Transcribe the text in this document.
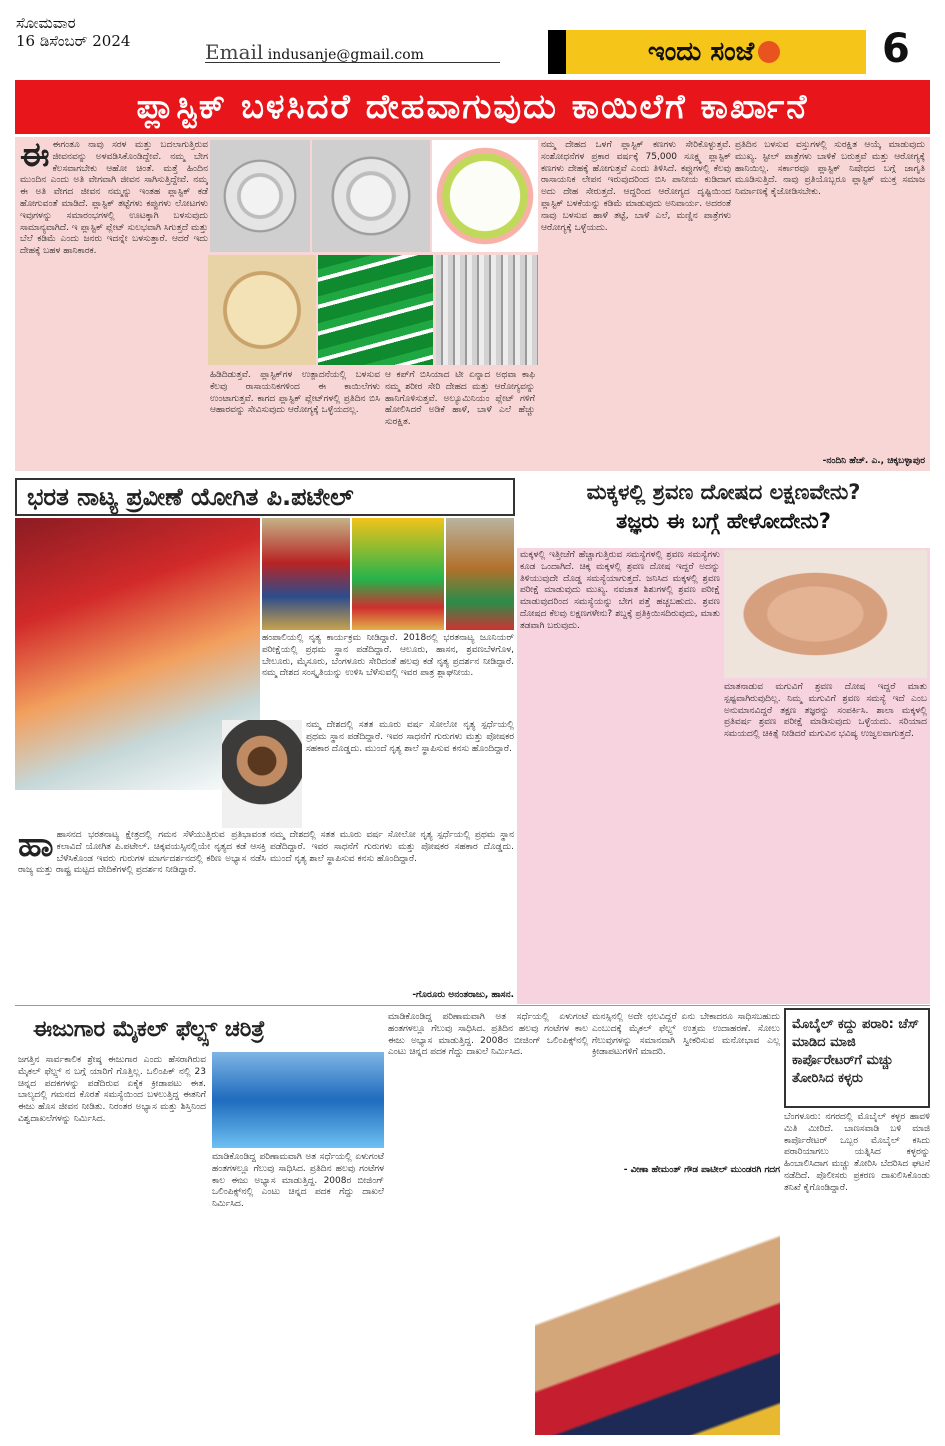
ಸೋಮವಾರ
16 ಡಿಸೆಂಬರ್ 2024	Email indusanje@gmail.com	ಇಂದು ಸಂಜೆ	6
ಪ್ಲಾಸ್ಟಿಕ್ ಬಳಸಿದರೆ ದೇಹವಾಗುವುದು ಕಾಯಿಲೆಗೆ ಕಾರ್ಖಾನೆ
ಈಈಗಂತೂ ನಾವು ಸರಳ ಮತ್ತು ಬದಲಾಗುತ್ತಿರುವ ಜೀವನವನ್ನು ಅಳವಡಿಸಿಕೊಂಡಿದ್ದೇವೆ. ನಮ್ಮ ಬೇಗ ಕೆಲಸವಾಗಬೇಕು ಆಹೋ ಚಿಂತೆ. ಮತ್ತೆ ಹಿಂದಿನ ಮುಂದಿನ ಎಂದು ಅತಿ ವೇಗವಾಗಿ ಜೀವನ ಸಾಗಿಸುತ್ತಿದ್ದೇವೆ. ನಮ್ಮ ಈ ಅತಿ ವೇಗದ ಜೀವನ ನಮ್ಮನ್ನು ಇಂತಹ ಪ್ಲಾಸ್ಟಿಕ್ ಕಡೆ ಹೋಗುವಂತೆ ಮಾಡಿದೆ. ಪ್ಲಾಸ್ಟಿಕ್ ತಟ್ಟೆಗಳು ಕಪ್ಪುಗಳು ಲೋಟಗಳು ಇವುಗಳನ್ನು ಸಮಾರಂಭಗಳಲ್ಲಿ ಊಟಕ್ಕಾಗಿ ಬಳಸುವುದು ಸಾಮಾನ್ಯವಾಗಿದೆ. ಇ ಪ್ಲಾಸ್ಟಿಕ್ ಪ್ಲೇಟ್ ಸುಲಭವಾಗಿ ಸಿಗುತ್ತದೆ ಮತ್ತು ಬೆಲೆ ಕಡಿಮೆ ಎಂದು ಜನರು ಇದನ್ನೇ ಬಳಸುತ್ತಾರೆ. ಆದರೆ ಇದು ದೇಹಕ್ಕೆ ಬಹಳ ಹಾನಿಕಾರಕ.
ಹಿಡಿದಿಡುತ್ತವೆ. ಪ್ಲಾಸ್ಟಿಕ್‌ಗಳ ಉತ್ಪಾದನೆಯಲ್ಲಿ ಬಳಸುವ ಕೆಲವು ರಾಸಾಯನಿಕಗಳಿಂದ ಈ ಕಾಯಿಲೆಗಳು ಉಂಟಾಗುತ್ತವೆ. ಕಾಗದ ಪ್ಲಾಸ್ಟಿಕ್ ಪ್ಲೇಟ್‌ಗಳಲ್ಲಿ ಪ್ರತಿದಿನ ಬಿಸಿ ಆಹಾರವನ್ನು ಸೇವಿಸುವುದು ಆರೋಗ್ಯಕ್ಕೆ ಒಳ್ಳೆಯದಲ್ಲ.
ಆ ಕಪ್‌ಗೆ ಬಿಸಿಯಾದ ಟೀ ಏನ್ನಾದ ಅಥವಾ ಕಾಫಿ ನಮ್ಮ ಶರೀರ ಸೇರಿ ದೇಹದ ಮತ್ತು ಆರೋಗ್ಯವನ್ನು ಹಾನಿಗೊಳಿಸುತ್ತವೆ. ಅಲ್ಯೂಮಿನಿಯಂ ಪ್ಲೇಟ್ ಗಳಿಗೆ ಹೋಲಿಸಿದರೆ ಅಡಿಕೆ ಹಾಳೆ, ಬಾಳೆ ಎಲೆ ಹೆಚ್ಚು ಸುರಕ್ಷಿತ.
ನಮ್ಮ ದೇಹದ ಒಳಗೆ ಪ್ಲಾಸ್ಟಿಕ್ ಕಣಗಳು ಸೇರಿಕೊಳ್ಳುತ್ತವೆ. ಸಂಶೋಧನೆಗಳ ಪ್ರಕಾರ ವರ್ಷಕ್ಕೆ 75,000 ಸೂಕ್ಷ್ಮ ಪ್ಲಾಸ್ಟಿಕ್ ಕಣಗಳು ದೇಹಕ್ಕೆ ಹೋಗುತ್ತವೆ ಎಂದು ತಿಳಿಸಿದೆ. ಕಪ್ಪುಗಳಲ್ಲಿ ಕೆಲವು ರಾಸಾಯನಿಕ ಲೇಪನ ಇರುವುದರಿಂದ ಬಿಸಿ ಪಾನೀಯ ಕುಡಿದಾಗ ಅದು ದೇಹ ಸೇರುತ್ತದೆ. ಆದ್ದರಿಂದ ಆರೋಗ್ಯದ ದೃಷ್ಟಿಯಿಂದ ಪ್ಲಾಸ್ಟಿಕ್ ಬಳಕೆಯನ್ನು ಕಡಿಮೆ ಮಾಡುವುದು ಅನಿವಾರ್ಯ. ಅದರಂತೆ ನಾವು ಬಳಸುವ ಹಾಳೆ ತಟ್ಟೆ, ಬಾಳೆ ಎಲೆ, ಮಣ್ಣಿನ ಪಾತ್ರೆಗಳು ಆರೋಗ್ಯಕ್ಕೆ ಒಳ್ಳೆಯದು.
ಪ್ರತಿದಿನ ಬಳಸುವ ವಸ್ತುಗಳಲ್ಲಿ ಸುರಕ್ಷಿತ ಆಯ್ಕೆ ಮಾಡುವುದು ಮುಖ್ಯ. ಸ್ಟೀಲ್ ಪಾತ್ರೆಗಳು ಬಾಳಿಕೆ ಬರುತ್ತವೆ ಮತ್ತು ಆರೋಗ್ಯಕ್ಕೆ ಹಾನಿಯಿಲ್ಲ. ಸರ್ಕಾರವೂ ಪ್ಲಾಸ್ಟಿಕ್ ನಿಷೇಧದ ಬಗ್ಗೆ ಜಾಗೃತಿ ಮೂಡಿಸುತ್ತಿದೆ. ನಾವು ಪ್ರತಿಯೊಬ್ಬರೂ ಪ್ಲಾಸ್ಟಿಕ್ ಮುಕ್ತ ಸಮಾಜ ನಿರ್ಮಾಣಕ್ಕೆ ಕೈಜೋಡಿಸಬೇಕು.
-ನಂದಿನಿ ಹೆಚ್. ಎ., ಚಿಕ್ಕಬಳ್ಳಾಪುರ
ಭರತ ನಾಟ್ಯ ಪ್ರವೀಣೆ ಯೋಗಿತ ಪಿ.ಪಟೇಲ್
ಹಂಪಾಲಿಯಲ್ಲಿ ನೃತ್ಯ ಕಾರ್ಯಕ್ರಮ ನೀಡಿದ್ದಾರೆ. 2018ರಲ್ಲಿ ಭರತನಾಟ್ಯ ಜೂನಿಯರ್ ಪರೀಕ್ಷೆಯಲ್ಲಿ ಪ್ರಥಮ ಸ್ಥಾನ ಪಡೆದಿದ್ದಾರೆ. ಆಲೂರು, ಹಾಸನ, ಶ್ರವಣಬೆಳಗೊಳ, ಬೇಲೂರು, ಮೈಸೂರು, ಬೆಂಗಳೂರು ಸೇರಿದಂತೆ ಹಲವು ಕಡೆ ನೃತ್ಯ ಪ್ರದರ್ಶನ ನೀಡಿದ್ದಾರೆ. ನಮ್ಮ ದೇಶದ ಸಂಸ್ಕೃತಿಯನ್ನು ಉಳಿಸಿ ಬೆಳೆಸುವಲ್ಲಿ ಇವರ ಪಾತ್ರ ಶ್ಲಾಘನೀಯ.
ನಮ್ಮ ದೇಶದಲ್ಲಿ ಸತತ ಮೂರು ವರ್ಷ ಸೋಲೋ ನೃತ್ಯ ಸ್ಪರ್ಧೆಯಲ್ಲಿ ಪ್ರಥಮ ಸ್ಥಾನ ಪಡೆದಿದ್ದಾರೆ. ಇವರ ಸಾಧನೆಗೆ ಗುರುಗಳು ಮತ್ತು ಪೋಷಕರ ಸಹಕಾರ ದೊಡ್ಡದು. ಮುಂದೆ ನೃತ್ಯ ಶಾಲೆ ಸ್ಥಾಪಿಸುವ ಕನಸು ಹೊಂದಿದ್ದಾರೆ.
ಹಾಹಾಸನದ ಭರತನಾಟ್ಯ ಕ್ಷೇತ್ರದಲ್ಲಿ ಗಮನ ಸೆಳೆಯುತ್ತಿರುವ ಪ್ರತಿಭಾವಂತ ಕಲಾವಿದೆ ಯೋಗಿತ ಪಿ.ಪಟೇಲ್. ಚಿಕ್ಕವಯಸ್ಸಿನಲ್ಲಿಯೇ ನೃತ್ಯದ ಕಡೆ ಆಸಕ್ತಿ ಬೆಳೆಸಿಕೊಂಡ ಇವರು ಗುರುಗಳ ಮಾರ್ಗದರ್ಶನದಲ್ಲಿ ಕಠಿಣ ಅಭ್ಯಾಸ ನಡೆಸಿ ರಾಜ್ಯ ಮತ್ತು ರಾಷ್ಟ್ರ ಮಟ್ಟದ ವೇದಿಕೆಗಳಲ್ಲಿ ಪ್ರದರ್ಶನ ನೀಡಿದ್ದಾರೆ.
ನಮ್ಮ ದೇಶದಲ್ಲಿ ಸತತ ಮೂರು ವರ್ಷ ಸೋಲೋ ನೃತ್ಯ ಸ್ಪರ್ಧೆಯಲ್ಲಿ ಪ್ರಥಮ ಸ್ಥಾನ ಪಡೆದಿದ್ದಾರೆ. ಇವರ ಸಾಧನೆಗೆ ಗುರುಗಳು ಮತ್ತು ಪೋಷಕರ ಸಹಕಾರ ದೊಡ್ಡದು. ಮುಂದೆ ನೃತ್ಯ ಶಾಲೆ ಸ್ಥಾಪಿಸುವ ಕನಸು ಹೊಂದಿದ್ದಾರೆ.
-ಗೊರೂರು ಅನಂತರಾಜು, ಹಾಸನ.
ಮಕ್ಕಳಲ್ಲಿ ಶ್ರವಣ ದೋಷದ ಲಕ್ಷಣವೇನು?
ತಜ್ಞರು ಈ ಬಗ್ಗೆ ಹೇಳೋದೇನು?
ಮಕ್ಕಳಲ್ಲಿ ಇತ್ತೀಚೆಗೆ ಹೆಚ್ಚಾಗುತ್ತಿರುವ ಸಮಸ್ಯೆಗಳಲ್ಲಿ ಶ್ರವಣ ಸಮಸ್ಯೆಗಳು ಕೂಡ ಒಂದಾಗಿದೆ. ಚಿಕ್ಕ ಮಕ್ಕಳಲ್ಲಿ ಶ್ರವಣ ದೋಷ ಇದ್ದರೆ ಅದನ್ನು ತಿಳಿಯುವುದೇ ದೊಡ್ಡ ಸಮಸ್ಯೆಯಾಗುತ್ತದೆ. ಜನಿಸಿದ ಮಕ್ಕಳಲ್ಲಿ ಶ್ರವಣ ಪರೀಕ್ಷೆ ಮಾಡುವುದು ಮುಖ್ಯ. ನವಜಾತ ಶಿಶುಗಳಲ್ಲಿ ಶ್ರವಣ ಪರೀಕ್ಷೆ ಮಾಡುವುದರಿಂದ ಸಮಸ್ಯೆಯನ್ನು ಬೇಗ ಪತ್ತೆ ಹಚ್ಚಬಹುದು. ಶ್ರವಣ ದೋಷದ ಕೆಲವು ಲಕ್ಷಣಗಳೇನು? ಶಬ್ದಕ್ಕೆ ಪ್ರತಿಕ್ರಿಯಿಸದಿರುವುದು, ಮಾತು ತಡವಾಗಿ ಬರುವುದು.
ಮಾತನಾಡುವ ಮಗುವಿಗೆ ಶ್ರವಣ ದೋಷ ಇದ್ದರೆ ಮಾತು ಸ್ಪಷ್ಟವಾಗಿರುವುದಿಲ್ಲ. ನಿಮ್ಮ ಮಗುವಿಗೆ ಶ್ರವಣ ಸಮಸ್ಯೆ ಇದೆ ಎಂಬ ಅನುಮಾನವಿದ್ದರೆ ತಕ್ಷಣ ತಜ್ಞರನ್ನು ಸಂಪರ್ಕಿಸಿ. ಶಾಲಾ ಮಕ್ಕಳಲ್ಲಿ ಪ್ರತಿವರ್ಷ ಶ್ರವಣ ಪರೀಕ್ಷೆ ಮಾಡಿಸುವುದು ಒಳ್ಳೆಯದು. ಸರಿಯಾದ ಸಮಯದಲ್ಲಿ ಚಿಕಿತ್ಸೆ ನೀಡಿದರೆ ಮಗುವಿನ ಭವಿಷ್ಯ ಉಜ್ವಲವಾಗುತ್ತದೆ.
ಈಜುಗಾರ ಮೈಕಲ್ ಫೆಲ್ಪ್ಸ್ ಚರಿತ್ರೆ
ಜಗತ್ತಿನ ಸಾರ್ವಕಾಲಿಕ ಶ್ರೇಷ್ಠ ಈಜುಗಾರ ಎಂದು ಹೆಸರಾಗಿರುವ ಮೈಕಲ್ ಫೆಲ್ಪ್ಸ್ ನ ಬಗ್ಗೆ ಯಾರಿಗೆ ಗೊತ್ತಿಲ್ಲ. ಒಲಿಂಪಿಕ್ ನಲ್ಲಿ 23 ಚಿನ್ನದ ಪದಕಗಳನ್ನು ಪಡೆದಿರುವ ಏಕೈಕ ಕ್ರೀಡಾಪಟು ಈತ. ಬಾಲ್ಯದಲ್ಲಿ ಗಮನದ ಕೊರತೆ ಸಮಸ್ಯೆಯಿಂದ ಬಳಲುತ್ತಿದ್ದ ಈತನಿಗೆ ಈಜು ಹೊಸ ಜೀವನ ನೀಡಿತು. ನಿರಂತರ ಅಭ್ಯಾಸ ಮತ್ತು ಶಿಸ್ತಿನಿಂದ ವಿಶ್ವದಾಖಲೆಗಳನ್ನು ನಿರ್ಮಿಸಿದ.
ಮಾಡಿಕೊಂಡಿದ್ದ ಪರಿಣಾಮವಾಗಿ ಅತ ಸರ್ಧೆಯಲ್ಲಿ ಏಳುಗಂಟೆ ಹಂತಗಳಲ್ಲೂ ಗೆಲುವು ಸಾಧಿಸಿದ. ಪ್ರತಿದಿನ ಹಲವು ಗಂಟೆಗಳ ಕಾಲ ಈಜು ಅಭ್ಯಾಸ ಮಾಡುತ್ತಿದ್ದ. 2008ರ ಬೀಜಿಂಗ್ ಒಲಿಂಪಿಕ್ಸ್‌ನಲ್ಲಿ ಎಂಟು ಚಿನ್ನದ ಪದಕ ಗೆದ್ದು ದಾಖಲೆ ನಿರ್ಮಿಸಿದ.
ಮಾಡಿಕೊಂಡಿದ್ದ ಪರಿಣಾಮವಾಗಿ ಅತ ಸರ್ಧೆಯಲ್ಲಿ ಏಳುಗಂಟೆ ಹಂತಗಳಲ್ಲೂ ಗೆಲುವು ಸಾಧಿಸಿದ. ಪ್ರತಿದಿನ ಹಲವು ಗಂಟೆಗಳ ಕಾಲ ಈಜು ಅಭ್ಯಾಸ ಮಾಡುತ್ತಿದ್ದ. 2008ರ ಬೀಜಿಂಗ್ ಒಲಿಂಪಿಕ್ಸ್‌ನಲ್ಲಿ ಎಂಟು ಚಿನ್ನದ ಪದಕ ಗೆದ್ದು ದಾಖಲೆ ನಿರ್ಮಿಸಿದ.
ಮನಸ್ಸಿನಲ್ಲಿ ಅದೇ ಛಲವಿದ್ದರೆ ಏನು ಬೇಕಾದರೂ ಸಾಧಿಸಬಹುದು ಎಂಬುದಕ್ಕೆ ಮೈಕಲ್ ಫೆಲ್ಪ್ಸ್ ಉತ್ತಮ ಉದಾಹರಣೆ. ಸೋಲು ಗೆಲುವುಗಳನ್ನು ಸಮಾನವಾಗಿ ಸ್ವೀಕರಿಸುವ ಮನೋಭಾವ ಎಲ್ಲ ಕ್ರೀಡಾಪಟುಗಳಿಗೆ ಮಾದರಿ.
- ವೀಣಾ ಹೇಮಂತ್ ಗೌಡ ಪಾಟೀಲ್ ಮುಂಡರಗಿ ಗದಗ
ಮೊಬೈಲ್ ಕದ್ದು ಪರಾರಿ: ಚೆಸ್ ಮಾಡಿದ ಮಾಜಿ ಕಾರ್ಪೊರೇಟರ್‌ಗೆ ಮಚ್ಚು ತೋರಿಸಿದ ಕಳ್ಳರು
ಬೆಂಗಳೂರು: ನಗರದಲ್ಲಿ ಮೊಬೈಲ್ ಕಳ್ಳರ ಹಾವಳಿ ಮಿತಿ ಮೀರಿದೆ. ಬಾಣಸವಾಡಿ ಬಳಿ ಮಾಜಿ ಕಾರ್ಪೊರೇಟರ್ ಒಬ್ಬರ ಮೊಬೈಲ್ ಕಸಿದು ಪರಾರಿಯಾಗಲು ಯತ್ನಿಸಿದ ಕಳ್ಳರನ್ನು ಹಿಂಬಾಲಿಸಿದಾಗ ಮಚ್ಚು ತೋರಿಸಿ ಬೆದರಿಸಿದ ಘಟನೆ ನಡೆದಿದೆ. ಪೊಲೀಸರು ಪ್ರಕರಣ ದಾಖಲಿಸಿಕೊಂಡು ತನಿಖೆ ಕೈಗೊಂಡಿದ್ದಾರೆ.
